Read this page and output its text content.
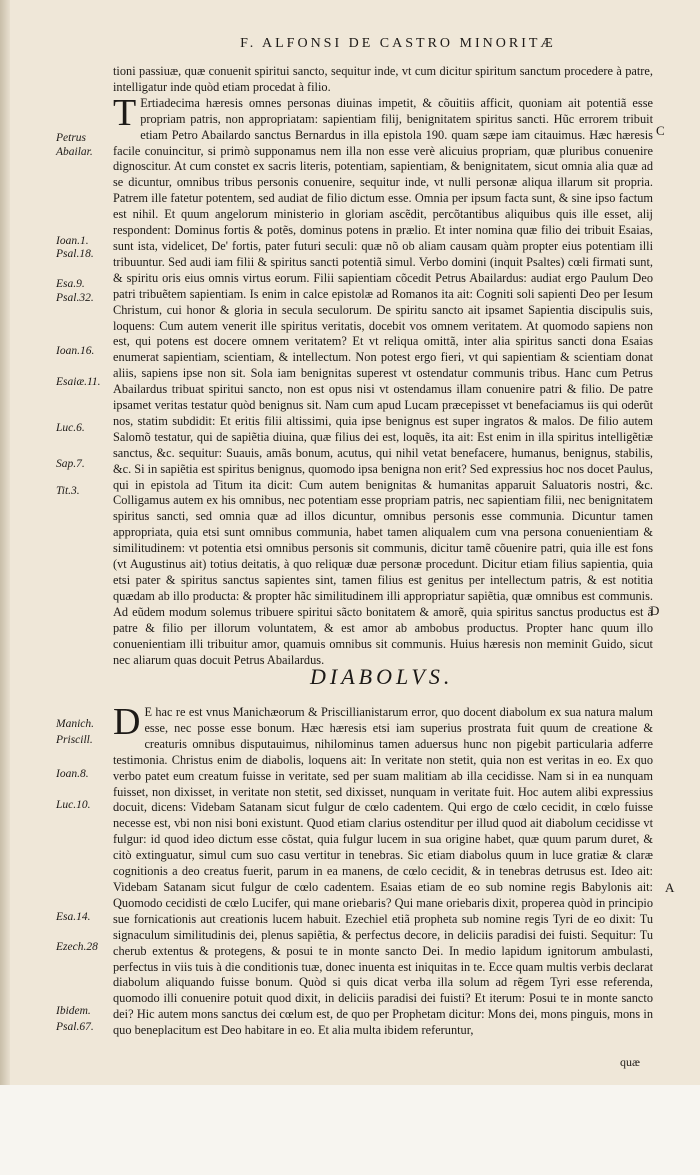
F. ALFONSI DE CASTRO MINORITÆ

tioni passiuæ, quæ conuenit spiritui sancto, sequitur inde, vt cum dicitur spiritum sanctum procedere à patre, intelligatur inde quòd etiam procedat à filio.

T Ertiadecima hæresis omnes personas diuinas impetit, & cõuitiis afficit, quoniam ait potentiã esse propriam patris, non appropriatam: sapientiam filij, benignitatem spiritus sancti. Hũc errorem tribuit etiam Petro Abailardo sanctus Bernardus in illa epistola 190. quam sæpe iam citauimus. Hæc hæresis facile conuincitur, si primò supponamus nem illa non esse verè alicuius propriam, quæ pluribus conuenire dignoscitur. At cum constet ex sacris literis, potentiam, sapientiam, & benignitatem, sicut omnia alia quæ ad se dicuntur, omnibus tribus personis conuenire, sequitur inde, vt nulli personæ aliqua illarum sit propria. Patrem ille fatetur potentem, sed audiat de filio dictum esse. Omnia per ipsum facta sunt, & sine ipso factum est nihil. Et quum angelorum ministerio in gloriam ascẽdit, percõtantibus aliquibus quis ille esset, alij respondent: Dominus fortis & potẽs, dominus potens in prælio. Et inter nomina quæ filio dei tribuit Esaias, sunt ista, videlicet, De' fortis, pater futuri seculi: quæ nõ ob aliam causam quàm propter eius potentiam illi tribuuntur. Sed audi iam filii & spiritus sancti potentiã simul. Verbo domini (inquit Psaltes) cœli firmati sunt, & spiritu oris eius omnis virtus eorum. Filii sapientiam cõcedit Petrus Abailardus: audiat ergo Paulum Deo patri tribuẽtem sapientiam. Is enim in calce epistolæ ad Romanos ita ait: Cogniti soli sapienti Deo per Iesum Christum, cui honor & gloria in secula seculorum. De spiritu sancto ait ipsamet Sapientia discipulis suis, loquens: Cum autem venerit ille spiritus veritatis, docebit vos omnem veritatem. At quomodo sapiens non est, qui potens est docere omnem veritatem? Et vt reliqua omittã, inter alia spiritus sancti dona Esaias enumerat sapientiam, scientiam, & intellectum. Non potest ergo fieri, vt qui sapientiam & scientiam donat aliis, sapiens ipse non sit. Sola iam benignitas superest vt ostendatur communis tribus. Hanc cum Petrus Abailardus tribuat spiritui sancto, non est opus nisi vt ostendamus illam conuenire patri & filio. De patre ipsamet veritas testatur quòd benignus sit. Nam cum apud Lucam præcepisset vt benefaciamus iis qui oderũt nos, statim subdidit: Et eritis filii altissimi, quia ipse benignus est super ingratos & malos. De filio autem Salomõ testatur, qui de sapiẽtia diuina, quæ filius dei est, loquẽs, ita ait: Est enim in illa spiritus intelligẽtiæ sanctus, &c. sequitur: Suauis, amãs bonum, acutus, qui nihil vetat benefacere, humanus, benignus, stabilis, &c. Si in sapiẽtia est spiritus benignus, quomodo ipsa benigna non erit? Sed expressius hoc nos docet Paulus, qui in epistola ad Titum ita dicit: Cum autem benignitas & humanitas apparuit Saluatoris nostri, &c. Colligamus autem ex his omnibus, nec potentiam esse propriam patris, nec sapientiam filii, nec benignitatem spiritus sancti, sed omnia quæ ad illos dicuntur, omnibus personis esse communia. Dicuntur tamen appropriata, quia etsi sunt omnibus communia, habet tamen aliqualem cum vna persona conuenientiam & similitudinem: vt potentia etsi omnibus personis sit communis, dicitur tamẽ cõuenire patri, quia ille est fons (vt Augustinus ait) totius deitatis, à quo reliquæ duæ personæ procedunt. Dicitur etiam filius sapientia, quia etsi pater & spiritus sanctus sapientes sint, tamen filius est genitus per intellectum patris, & est notitia quædam ab illo producta: & propter hãc similitudinem illi appropriatur sapiẽtia, quæ omnibus est communis. Ad eũdem modum solemus tribuere spiritui sãcto bonitatem & amorẽ, quia spiritus sanctus productus est à patre & filio per illorum voluntatem, & est amor ab ambobus productus. Propter hanc quum illo conuenientiam illi tribuitur amor, quamuis omnibus sit communis. Huius hæresis non meminit Guido, sicut nec aliarum quas docuit Petrus Abailardus.

DIABOLVS.

D E hac re est vnus Manichæorum & Priscillianistarum error, quo docent diabolum ex sua natura malum esse, nec posse esse bonum. Hæc hæresis etsi iam superius prostrata fuit quum de creatione & creaturis omnibus disputauimus, nihilominus tamen aduersus hunc non pigebit particularia adferre testimonia. Christus enim de diabolis, loquens ait: In veritate non stetit, quia non est veritas in eo. Ex quo verbo patet eum creatum fuisse in veritate, sed per suam malitiam ab illa cecidisse. Nam si in ea nunquam fuisset, non dixisset, in veritate non stetit, sed dixisset, nunquam in veritate fuit. Hoc autem alibi expressius docuit, dicens: Videbam Satanam sicut fulgur de cœlo cadentem. Qui ergo de cœlo cecidit, in cœlo fuisse necesse est, vbi non nisi boni existunt. Quod etiam clarius ostenditur per illud quod ait diabolum cecidisse vt fulgur: id quod ideo dictum esse cõstat, quia fulgur lucem in sua origine habet, quæ quum parum duret, & citò extinguatur, simul cum suo casu vertitur in tenebras. Sic etiam diabolus quum in luce gratiæ & claræ cognitionis a deo creatus fuerit, parum in ea manens, de cœlo cecidit, & in tenebras detrusus est. Ideo ait: Videbam Satanam sicut fulgur de cœlo cadentem. Esaias etiam de eo sub nomine regis Babylonis ait: Quomodo cecidisti de cœlo Lucifer, qui mane oriebaris? Qui mane oriebaris dixit, properea quòd in principio sue fornicationis aut creationis lucem habuit. Ezechiel etiã propheta sub nomine regis Tyri de eo dixit: Tu signaculum similitudinis dei, plenus sapiẽtia, & perfectus decore, in deliciis paradisi dei fuisti. Sequitur: Tu cherub extentus & protegens, & posui te in monte sancto Dei. In medio lapidum ignitorum ambulasti, perfectus in viis tuis à die conditionis tuæ, donec inuenta est iniquitas in te. Ecce quam multis verbis declarat diabolum aliquando fuisse bonum. Quòd si quis dicat verba illa solum ad rẽgem Tyri esse referenda, quomodo illi conuenire potuit quod dixit, in deliciis paradisi dei fuisti? Et iterum: Posui te in monte sancto dei? Hic autem mons sanctus dei cœlum est, de quo per Prophetam dicitur: Mons dei, mons pinguis, mons in quo beneplacitum est Deo habitare in eo. Et alia multa ibidem referuntur,

Petrus Abailar.
Ioan.1.
Psal.18.
Esa.9.
Psal.32.
Ioan.16.
Esaiæ.11.
Luc.6.
Sap.7.
Tit.3.
Manich.
Priscill.
Ioan.8.
Luc.10.
Esa.14.
Ezech.28
Ibidem.
Psal.67.
C
D
A
quæ
